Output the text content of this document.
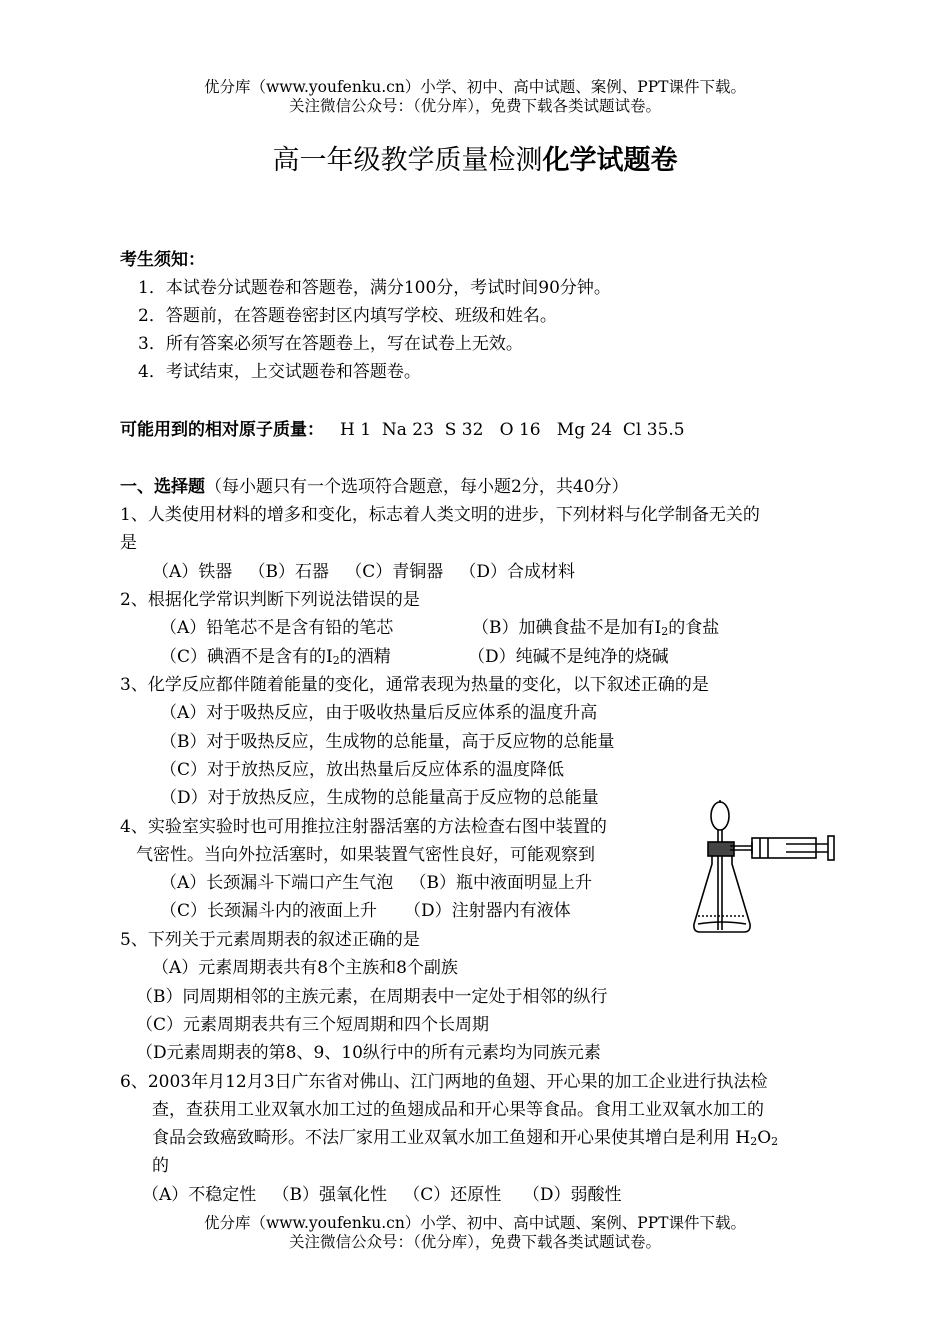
优分库（www.youfenku.cn）小学、初中、高中试题、案例、PPT课件下载。
关注微信公众号：（优分库），免费下载各类试题试卷。
高一年级教学质量检测化学试题卷
考生须知：
1．本试卷分试题卷和答题卷，满分100分，考试时间90分钟。
2．答题前，在答题卷密封区内填写学校、班级和姓名。
3．所有答案必须写在答题卷上，写在试卷上无效。
4．考试结束，上交试题卷和答题卷。
可能用到的相对原子质量： H 1  Na 23  S 32   O 16   Mg 24  Cl 35.5
一、选择题（每小题只有一个选项符合题意，每小题2分，共40分）
1、人类使用材料的增多和变化，标志着人类文明的进步，下列材料与化学制备无关的
是
（A）铁器   （B）石器   （C）青铜器   （D）合成材料
2、根据化学常识判断下列说法错误的是
（A）铅笔芯不是含有铅的笔芯	（B）加碘食盐不是加有$I_2$的食盐
（C）碘酒不是含有的$I_2$的酒精	（D）纯碱不是纯净的烧碱
3、化学反应都伴随着能量的变化，通常表现为热量的变化，以下叙述正确的是
（A）对于吸热反应，由于吸收热量后反应体系的温度升高
（B）对于吸热反应，生成物的总能量，高于反应物的总能量
（C）对于放热反应，放出热量后反应体系的温度降低
（D）对于放热反应，生成物的总能量高于反应物的总能量
4、实验室实验时也可用推拉注射器活塞的方法检查右图中装置的
气密性。当向外拉活塞时，如果装置气密性良好，可能观察到
（A）长颈漏斗下端口产生气泡   （B）瓶中液面明显上升
（C）长颈漏斗内的液面上升     （D）注射器内有液体
5、下列关于元素周期表的叙述正确的是
（A）元素周期表共有8个主族和8个副族
（B）同周期相邻的主族元素，在周期表中一定处于相邻的纵行
（C）元素周期表共有三个短周期和四个长周期
（D元素周期表的第8、9、10纵行中的所有元素均为同族元素
6、2003年月12月3日广东省对佛山、江门两地的鱼翅、开心果的加工企业进行执法检
查，查获用工业双氧水加工过的鱼翅成品和开心果等食品。食用工业双氧水加工的
食品会致癌致畸形。不法厂家用工业双氧水加工鱼翅和开心果使其增白是利用 $H_2O_2$
的
（A）不稳定性   （B）强氧化性   （C）还原性    （D）弱酸性
优分库（www.youfenku.cn）小学、初中、高中试题、案例、PPT课件下载。
关注微信公众号：（优分库），免费下载各类试题试卷。
